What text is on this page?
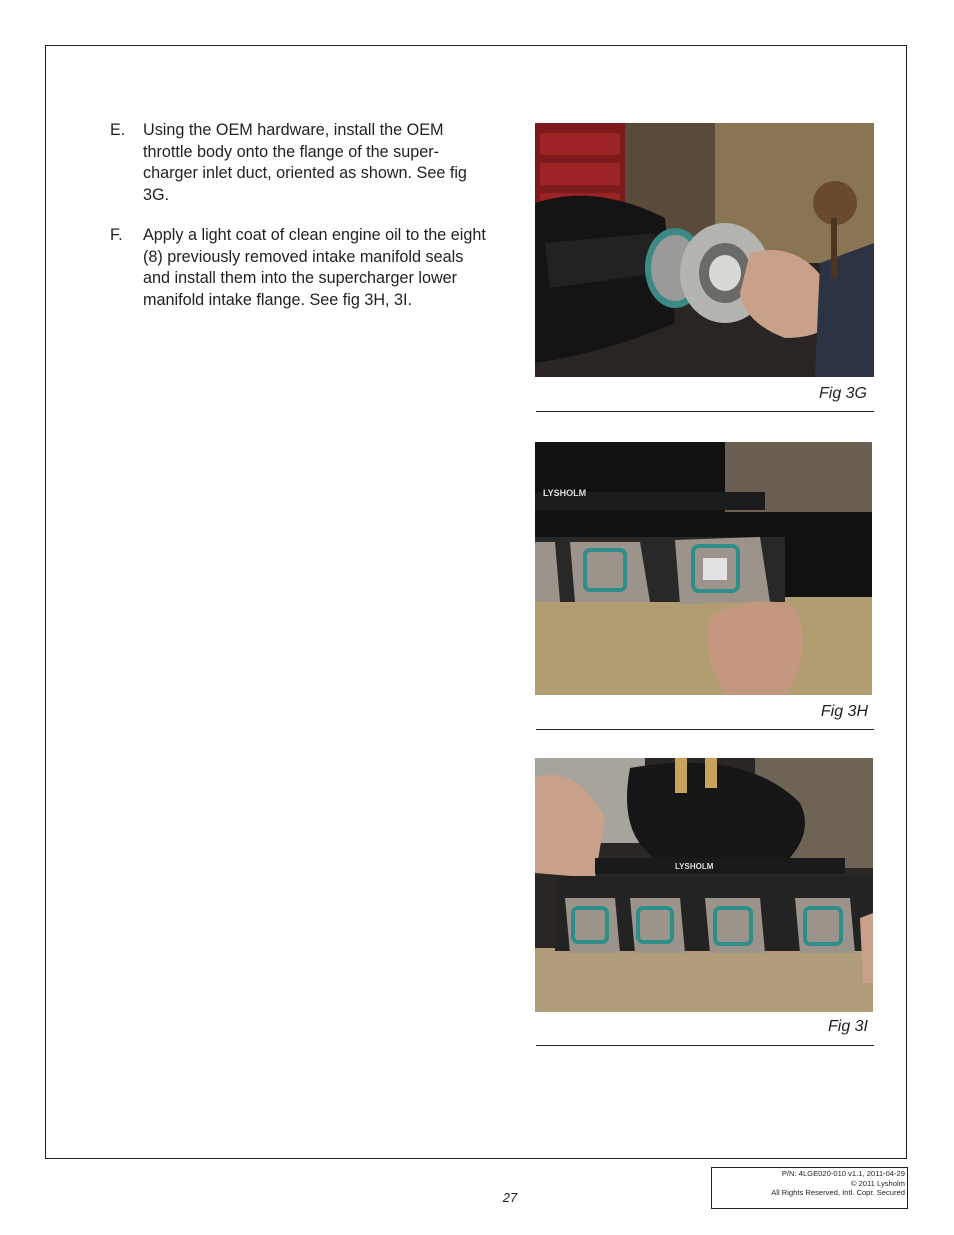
E. Using the OEM hardware, install the OEM throttle body onto the flange of the super-charger inlet duct, oriented as shown. See fig 3G.
F. Apply a light coat of clean engine oil to the eight (8) previously removed intake manifold seals and install them into the supercharger lower manifold intake flange. See fig 3H, 3I.
Fig 3G
LYSHOLM
Fig 3H
LYSHOLM
Fig 3I
27
P/N: 4LGE020-010 v1.1, 2011-04-29
© 2011 Lysholm
All Rights Reserved, Intl. Copr. Secured
